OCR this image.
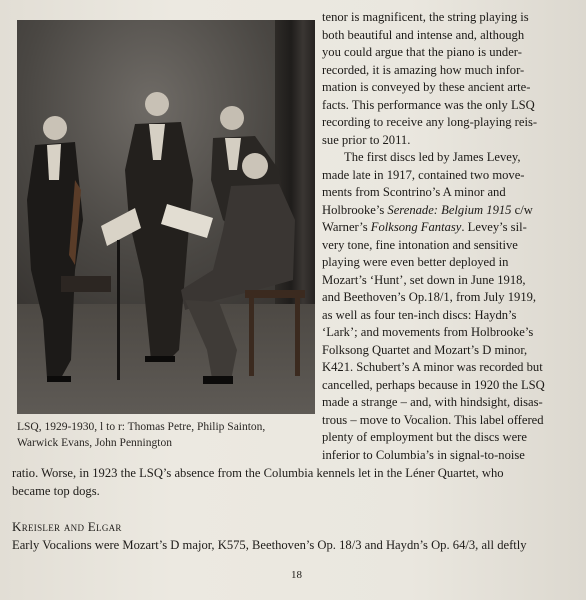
LSQ, 1929-1930, l to r: Thomas Petre, Philip Sainton,
Warwick Evans, John Pennington

tenor is magnificent, the string playing is
both beautiful and intense and, although
you could argue that the piano is under-
recorded, it is amazing how much infor-
mation is conveyed by these ancient arte-
facts. This performance was the only LSQ
recording to receive any long-playing reis-
sue prior to 2011.

The first discs led by James Levey,
made late in 1917, contained two move-
ments from Scontrino’s A minor and
Holbrooke’s Serenade: Belgium 1915 c/w
Warner’s Folksong Fantasy. Levey’s sil-
very tone, fine intonation and sensitive
playing were even better deployed in
Mozart’s ‘Hunt’, set down in June 1918,
and Beethoven’s Op.18/1, from July 1919,
as well as four ten-inch discs: Haydn’s
‘Lark’; and movements from Holbrooke’s
Folksong Quartet and Mozart’s D minor,
K421. Schubert’s A minor was recorded but
cancelled, perhaps because in 1920 the LSQ
made a strange – and, with hindsight, disas-
trous – move to Vocalion. This label offered
plenty of employment but the discs were
inferior to Columbia’s in signal-to-noise

ratio. Worse, in 1923 the LSQ’s absence from the Columbia kennels let in the Léner Quartet, who
became top dogs.
Kreisler and Elgar
Early Vocalions were Mozart’s D major, K575, Beethoven’s Op. 18/3 and Haydn’s Op. 64/3, all deftly
18
